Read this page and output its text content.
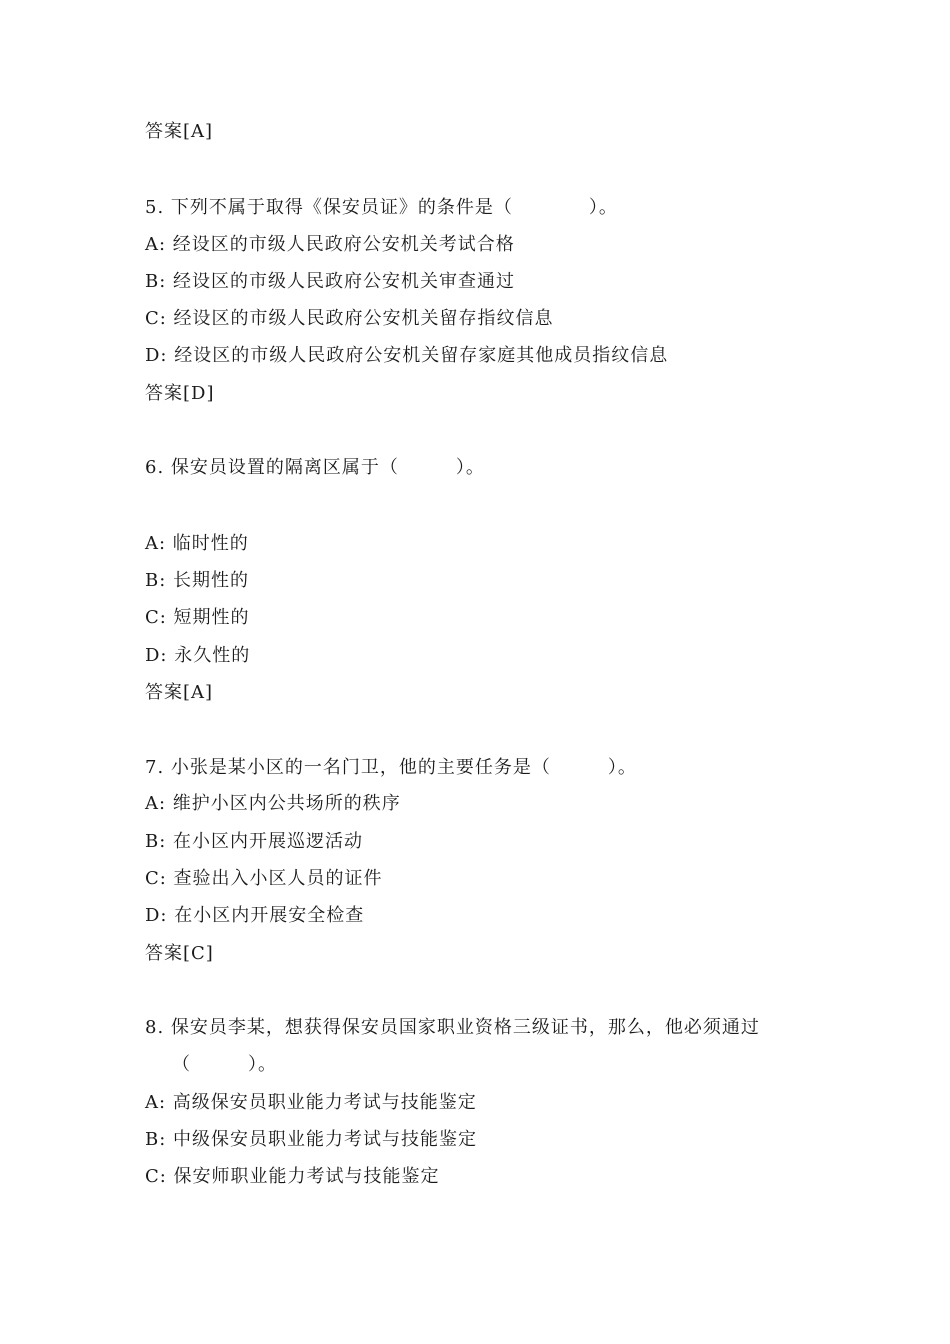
答案[A]
5. 下列不属于取得《保安员证》的条件是（　　　　）。
A: 经设区的市级人民政府公安机关考试合格
B: 经设区的市级人民政府公安机关审查通过
C: 经设区的市级人民政府公安机关留存指纹信息
D: 经设区的市级人民政府公安机关留存家庭其他成员指纹信息
答案[D]
6. 保安员设置的隔离区属于（　　　）。
A: 临时性的
B: 长期性的
C: 短期性的
D: 永久性的
答案[A]
7. 小张是某小区的一名门卫，他的主要任务是（　　　）。
A: 维护小区内公共场所的秩序
B: 在小区内开展巡逻活动
C: 查验出入小区人员的证件
D: 在小区内开展安全检查
答案[C]
8. 保安员李某，想获得保安员国家职业资格三级证书，那么，他必须通过
（　　　）。
A: 高级保安员职业能力考试与技能鉴定
B: 中级保安员职业能力考试与技能鉴定
C: 保安师职业能力考试与技能鉴定
